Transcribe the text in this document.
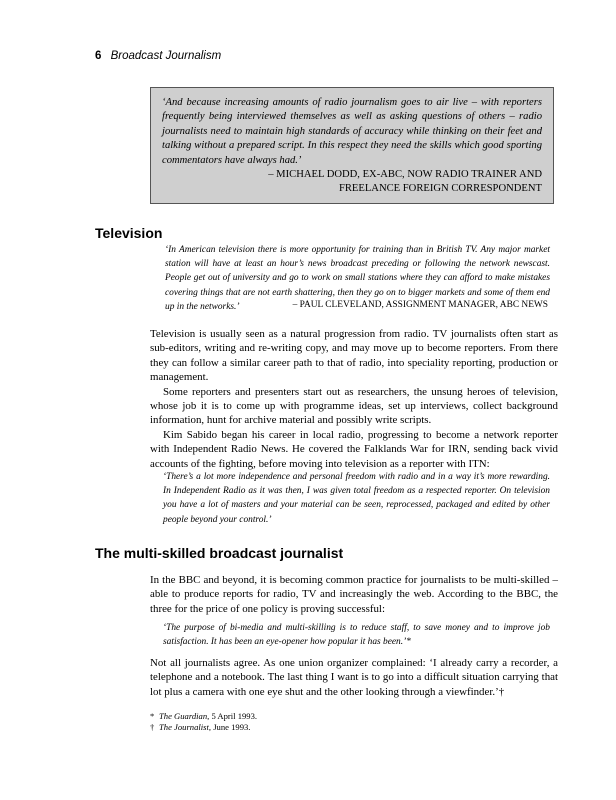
6 Broadcast Journalism
‘And because increasing amounts of radio journalism goes to air live – with reporters frequently being interviewed themselves as well as asking questions of others – radio journalists need to maintain high standards of accuracy while thinking on their feet and talking without a prepared script. In this respect they need the skills which good sporting commentators have always had.’
– MICHAEL DODD, EX-ABC, NOW RADIO TRAINER AND
FREELANCE FOREIGN CORRESPONDENT
Television
‘In American television there is more opportunity for training than in British TV. Any major market station will have at least an hour’s news broadcast preceding or following the network newscast. People get out of university and go to work on small stations where they can afford to make mistakes covering things that are not earth shattering, then they go on to bigger markets and some of them end up in the networks.’	– PAUL CLEVELAND, ASSIGNMENT MANAGER, ABC NEWS

Television is usually seen as a natural progression from radio. TV journalists often start as sub-editors, writing and re-writing copy, and may move up to become reporters. From there they can follow a similar career path to that of radio, into speciality reporting, production or management.

Some reporters and presenters start out as researchers, the unsung heroes of television, whose job it is to come up with programme ideas, set up interviews, collect background information, hunt for archive material and possibly write scripts.

Kim Sabido began his career in local radio, progressing to become a network reporter with Independent Radio News. He covered the Falklands War for IRN, sending back vivid accounts of the fighting, before moving into television as a reporter with ITN:

‘There’s a lot more independence and personal freedom with radio and in a way it’s more rewarding. In Independent Radio as it was then, I was given total freedom as a respected reporter. On television you have a lot of masters and your material can be seen, reprocessed, packaged and edited by other people beyond your control.’
The multi-skilled broadcast journalist

In the BBC and beyond, it is becoming common practice for journalists to be multi-skilled – able to produce reports for radio, TV and increasingly the web. According to the BBC, the three for the price of one policy is proving successful:

‘The purpose of bi-media and multi-skilling is to reduce staff, to save money and to improve job satisfaction. It has been an eye-opener how popular it has been.’*

Not all journalists agree. As one union organizer complained: ‘I already carry a recorder, a telephone and a notebook. The last thing I want is to go into a difficult situation carrying that lot plus a camera with one eye shut and the other looking through a viewfinder.’†

* The Guardian, 5 April 1993.
† The Journalist, June 1993.
